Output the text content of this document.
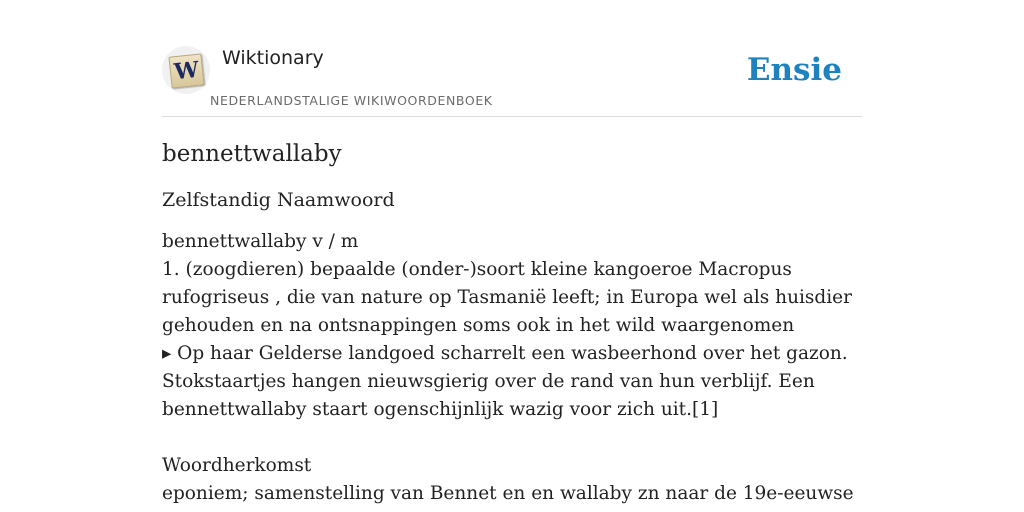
W Wiktionary
NEDERLANDSTALIGE WIKIWOORDENBOEK
Ensie
bennettwallaby
Zelfstandig Naamwoord

bennettwallaby v / m

1. (zoogdieren) bepaalde (onder-)soort kleine kangoeroe Macropus rufogriseus , die van nature op Tasmanië leeft; in Europa wel als huisdier gehouden en na ontsnappingen soms ook in het wild waargenomen

▸ Op haar Gelderse landgoed scharrelt een wasbeerhond over het gazon. Stokstaartjes hangen nieuwsgierig over de rand van hun verblijf. Een bennettwallaby staart ogenschijnlijk wazig voor zich uit.[1]

Woordherkomst

eponiem; samenstelling van Bennet en en wallaby zn naar de 19e-eeuwse
